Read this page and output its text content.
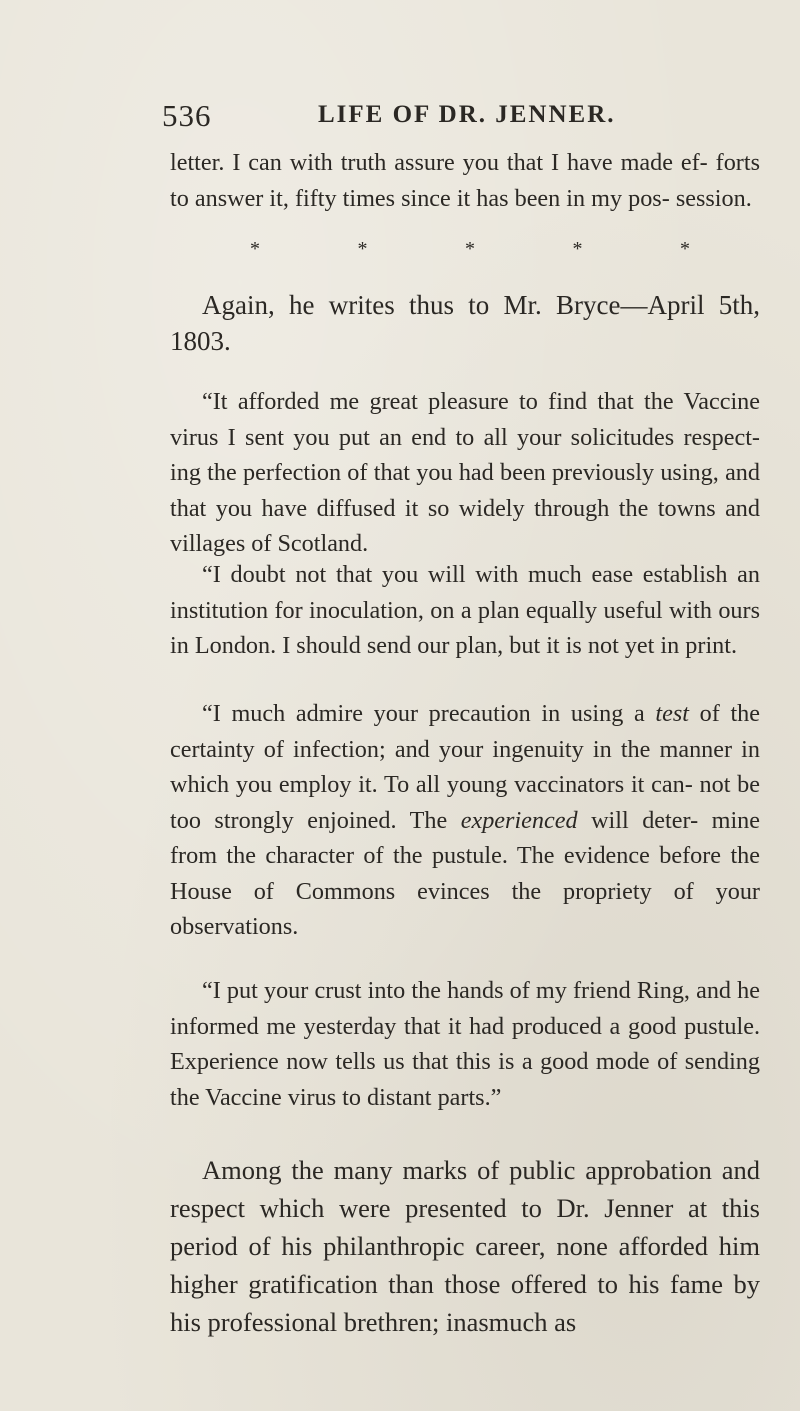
536	LIFE OF DR. JENNER.

letter. I can with truth assure you that I have made ef- forts to answer it, fifty times since it has been in my pos- session.

*	*	*	*	*

Again, he writes thus to Mr. Bryce—April 5th, 1803.

“It afforded me great pleasure to find that the Vaccine virus I sent you put an end to all your solicitudes respect- ing the perfection of that you had been previously using, and that you have diffused it so widely through the towns and villages of Scotland.

“I doubt not that you will with much ease establish an institution for inoculation, on a plan equally useful with ours in London. I should send our plan, but it is not yet in print.

“I much admire your precaution in using a test of the certainty of infection; and your ingenuity in the manner in which you employ it. To all young vaccinators it can- not be too strongly enjoined. The experienced will deter- mine from the character of the pustule. The evidence before the House of Commons evinces the propriety of your observations.

“I put your crust into the hands of my friend Ring, and he informed me yesterday that it had produced a good pustule. Experience now tells us that this is a good mode of sending the Vaccine virus to distant parts.”

Among the many marks of public approbation and respect which were presented to Dr. Jenner at this period of his philanthropic career, none afforded him higher gratification than those offered to his fame by his professional brethren; inasmuch as
